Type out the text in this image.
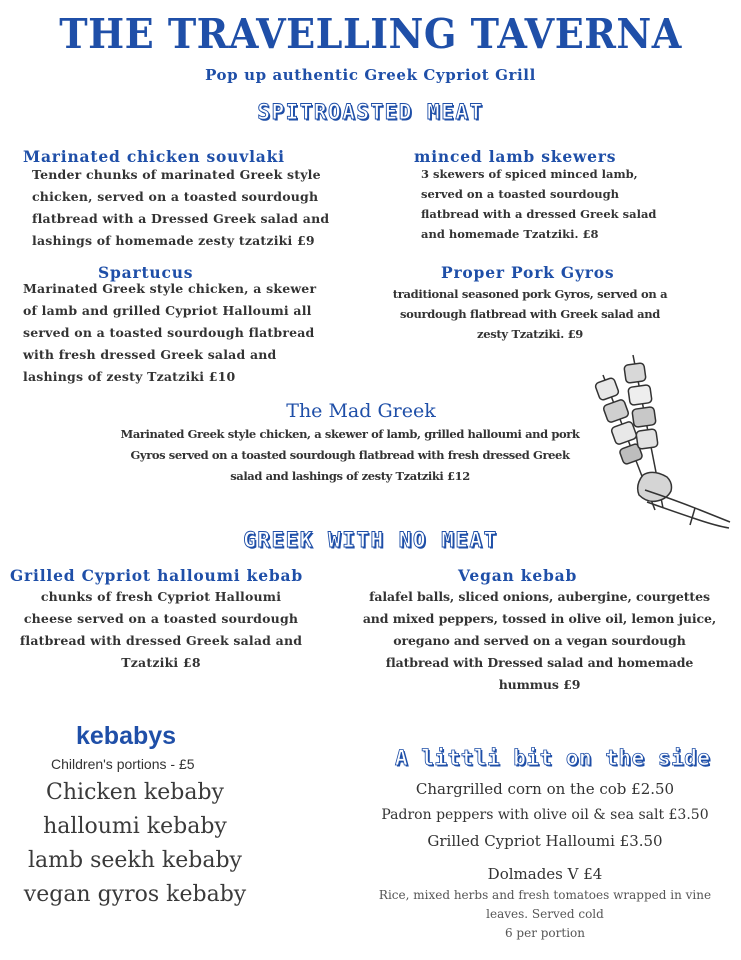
THE TRAVELLING TAVERNA
Pop up authentic Greek Cypriot Grill
SPITROASTED MEAT
Marinated chicken souvlaki
Tender chunks of marinated Greek style
chicken, served on a toasted sourdough
flatbread with a Dressed Greek salad and
lashings of homemade zesty tzatziki £9
minced lamb skewers
3 skewers of spiced minced lamb,
served on a toasted sourdough
flatbread with a dressed Greek salad
and homemade Tzatziki. £8
Spartucus
Marinated Greek style chicken, a skewer
of lamb and grilled Cypriot Halloumi all
served on a toasted sourdough flatbread
with fresh dressed Greek salad and
lashings of zesty Tzatziki £10
Proper Pork Gyros
traditional seasoned pork Gyros, served on a
sourdough flatbread with Greek salad and
zesty Tzatziki. £9
The Mad Greek
Marinated Greek style chicken, a skewer of lamb, grilled halloumi and pork
Gyros served on a toasted sourdough flatbread with fresh dressed Greek
salad and lashings of zesty Tzatziki £12
GREEK WITH NO MEAT
Grilled Cypriot halloumi kebab
chunks of fresh Cypriot Halloumi
cheese served on a toasted sourdough
flatbread with dressed Greek salad and
Tzatziki £8
Vegan kebab
falafel balls, sliced onions, aubergine, courgettes
and mixed peppers, tossed in olive oil, lemon juice,
oregano and served on a vegan sourdough
flatbread with Dressed salad and homemade
hummus £9
kebabys
Children's portions - £5
Chicken kebaby
halloumi kebaby
lamb seekh kebaby
vegan gyros kebaby
A littli bit on the side
Chargrilled corn on the cob £2.50
Padron peppers with olive oil & sea salt £3.50
Grilled Cypriot Halloumi £3.50
Dolmades V £4
Rice, mixed herbs and fresh tomatoes wrapped in vine
leaves. Served cold
6 per portion
